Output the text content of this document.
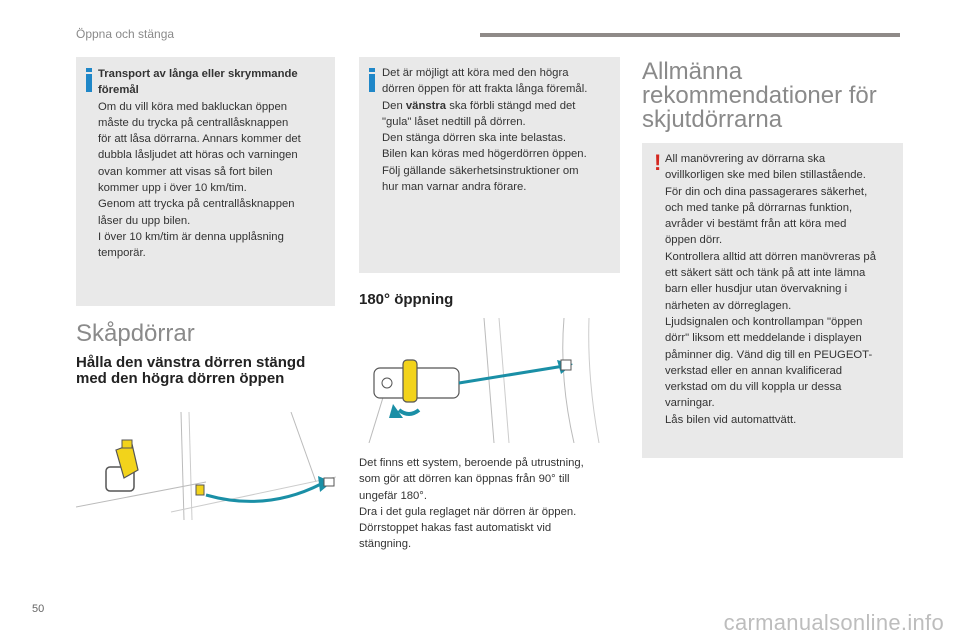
Öppna och stänga

Transport av långa eller skrymmande föremål

Om du vill köra med bakluckan öppen

måste du trycka på centrallåsknappen

för att låsa dörrarna. Annars kommer det

dubbla låsljudet att höras och varningen

ovan kommer att visas så fort bilen

kommer upp i över 10 km/tim.

Genom att trycka på centrallåsknappen

låser du upp bilen.

I över 10 km/tim är denna upplåsning

temporär.

Skåpdörrar
Hålla den vänstra dörren stängd
med den högra dörren öppen

Det är möjligt att köra med den högra

dörren öppen för att frakta långa föremål.

Den vänstra ska förbli stängd med det

"gula" låset nedtill på dörren.

Den stänga dörren ska inte belastas.

Bilen kan köras med högerdörren öppen.

Följ gällande säkerhetsinstruktioner om

hur man varnar andra förare.

180° öppning

Det finns ett system, beroende på utrustning,

som gör att dörren kan öppnas från 90° till

ungefär 180°.

Dra i det gula reglaget när dörren är öppen.

Dörrstoppet hakas fast automatiskt vid

stängning.

Allmänna
rekommendationer för
skjutdörrarna
! All manövrering av dörrarna ska

ovillkorligen ske med bilen stillastående.

För din och dina passagerares säkerhet,

och med tanke på dörrarnas funktion,

avråder vi bestämt från att köra med

öppen dörr.

Kontrollera alltid att dörren manövreras på

ett säkert sätt och tänk på att inte lämna

barn eller husdjur utan övervakning i

närheten av dörreglagen.

Ljudsignalen och kontrollampan "öppen

dörr" liksom ett meddelande i displayen

påminner dig. Vänd dig till en PEUGEOT-

verkstad eller en annan kvalificerad

verkstad om du vill koppla ur dessa

varningar.

Lås bilen vid automattvätt.

50
carmanualsonline.info
